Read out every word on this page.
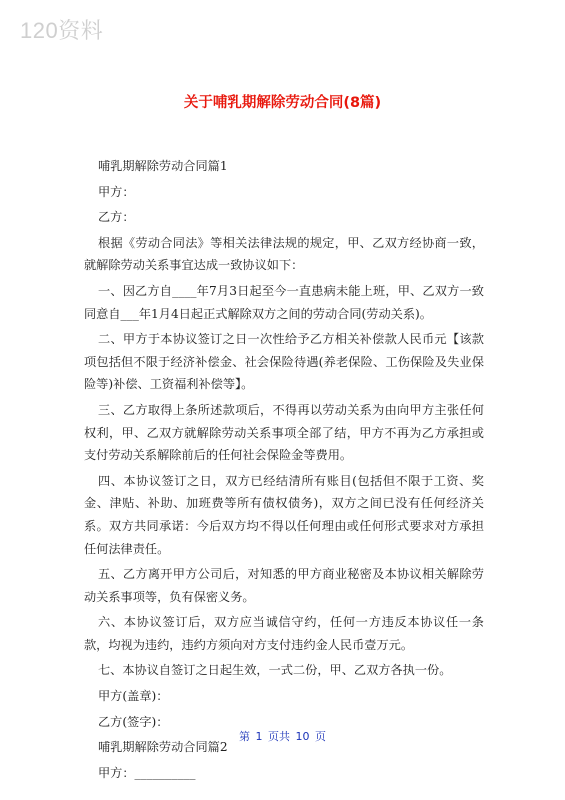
120资料
关于哺乳期解除劳动合同(8篇)

哺乳期解除劳动合同篇1

甲方：

乙方：

根据《劳动合同法》等相关法律法规的规定，甲、乙双方经协商一致，就解除劳动关系事宜达成一致协议如下：

一、因乙方自____年7月3日起至今一直患病未能上班，甲、乙双方一致同意自___年1月4日起正式解除双方之间的劳动合同(劳动关系)。

二、甲方于本协议签订之日一次性给予乙方相关补偿款人民币元【该款项包括但不限于经济补偿金、社会保险待遇(养老保险、工伤保险及失业保险等)补偿、工资福利补偿等】。

三、乙方取得上条所述款项后，不得再以劳动关系为由向甲方主张任何权利，甲、乙双方就解除劳动关系事项全部了结，甲方不再为乙方承担或支付劳动关系解除前后的任何社会保险金等费用。

四、本协议签订之日，双方已经结清所有账目(包括但不限于工资、奖金、津贴、补助、加班费等所有债权债务)，双方之间已没有任何经济关系。双方共同承诺：今后双方均不得以任何理由或任何形式要求对方承担任何法律责任。

五、乙方离开甲方公司后，对知悉的甲方商业秘密及本协议相关解除劳动关系事项等，负有保密义务。

六、本协议签订后，双方应当诚信守约，任何一方违反本协议任一条款，均视为违约，违约方须向对方支付违约金人民币壹万元。

七、本协议自签订之日起生效，一式二份，甲、乙双方各执一份。

甲方(盖章)：

乙方(签字)：

哺乳期解除劳动合同篇2

甲方：__________

第 1 页共 10 页
